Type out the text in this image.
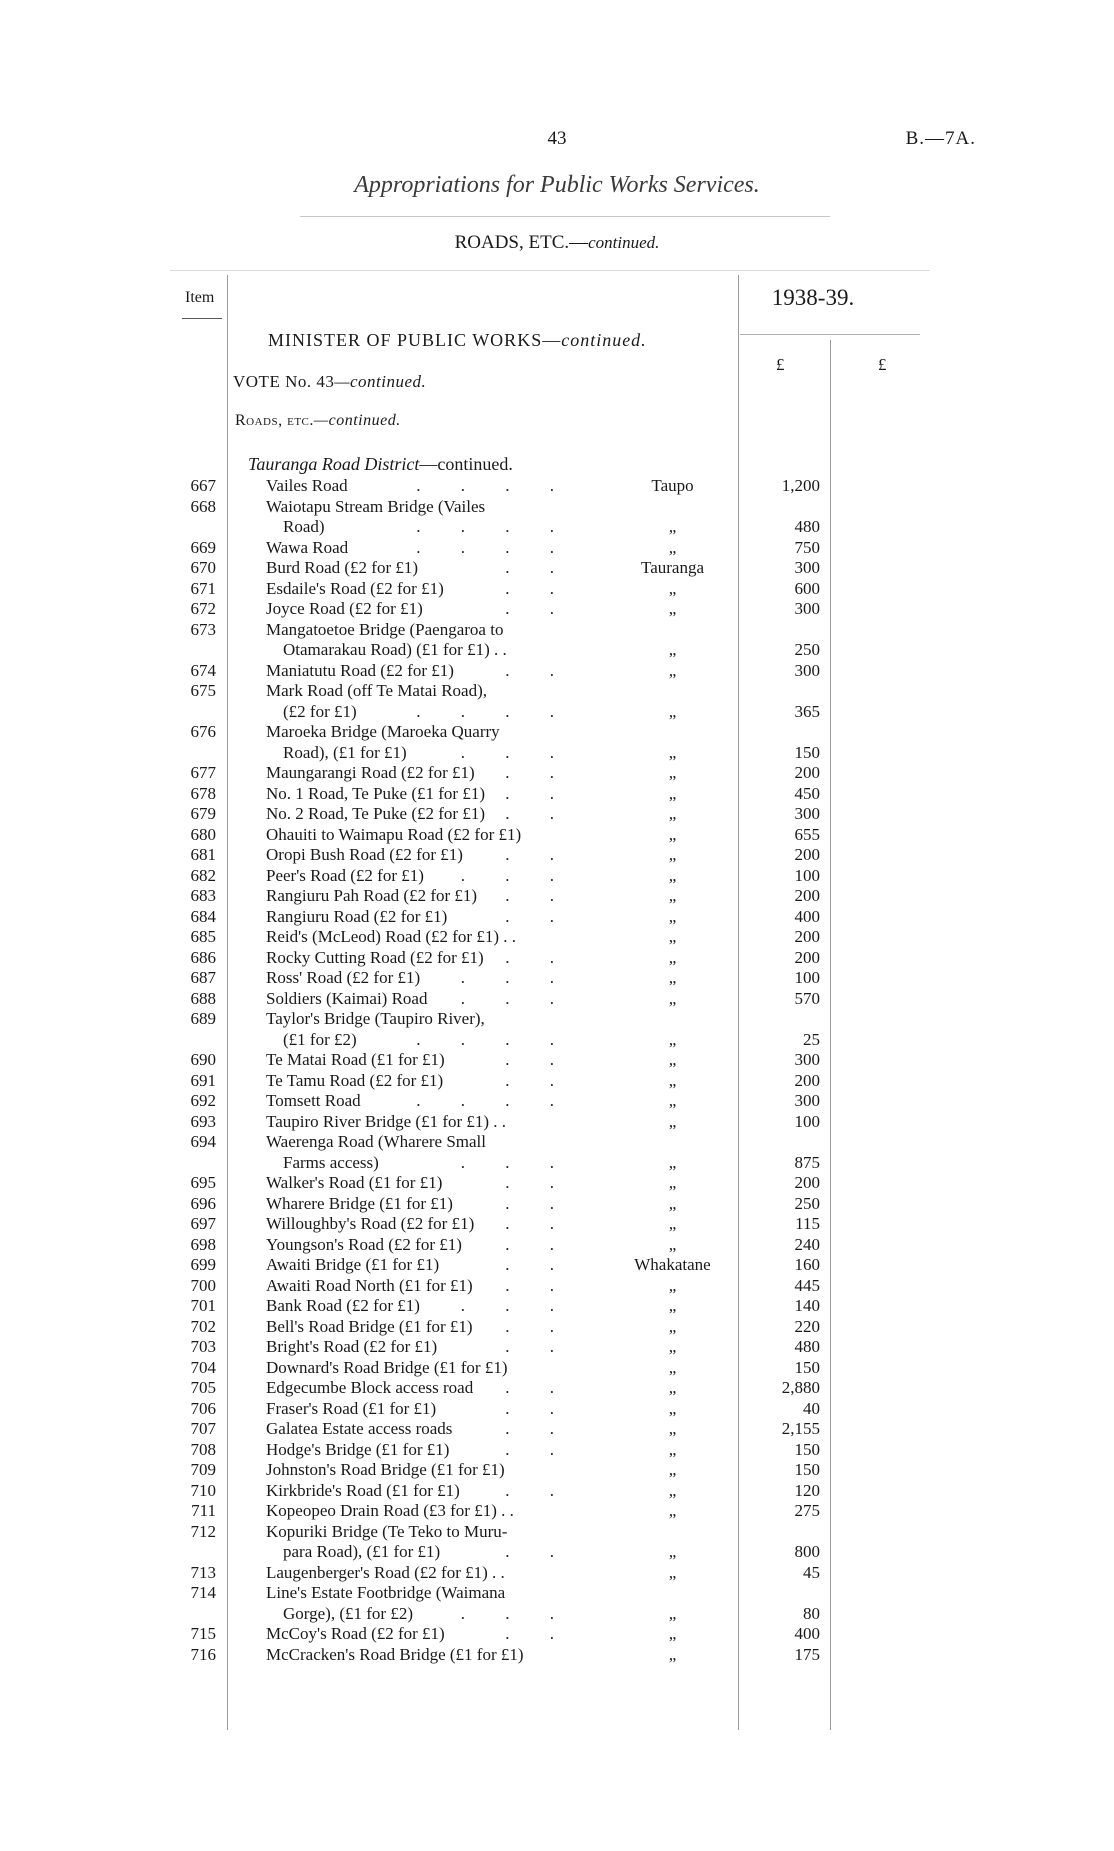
43	B.—7A.
Appropriations for Public Works Services.
ROADS, ETC.—continued.
Item	1938-39.
£	£
MINISTER OF PUBLIC WORKS—continued.
VOTE No. 43—continued.
Roads, etc.—continued.
Tauranga Road District—continued.
667	Vailes Road	. . . .	Taupo	1,200
668	Waiotapu Stream Bridge (Vailes
Road)	. . . .	„	480
669	Wawa Road	. . . .	„	750
670	Burd Road (£2 for £1)	. .	Tauranga	300
671	Esdaile's Road (£2 for £1)	. .	„	600
672	Joyce Road (£2 for £1)	. .	„	300
673	Mangatoetoe Bridge (Paengaroa to
Otamarakau Road) (£1 for £1) . .	„	250
674	Maniatutu Road (£2 for £1)	. .	„	300
675	Mark Road (off Te Matai Road),
(£2 for £1)	. . . .	„	365
676	Maroeka Bridge (Maroeka Quarry
Road), (£1 for £1)	. . .	„	150
677	Maungarangi Road (£2 for £1)	. .	„	200
678	No. 1 Road, Te Puke (£1 for £1)	. .	„	450
679	No. 2 Road, Te Puke (£2 for £1)	. .	„	300
680	Ohauiti to Waimapu Road (£2 for £1)	„	655
681	Oropi Bush Road (£2 for £1)	. .	„	200
682	Peer's Road (£2 for £1)	. . .	„	100
683	Rangiuru Pah Road (£2 for £1)	. .	„	200
684	Rangiuru Road (£2 for £1)	. .	„	400
685	Reid's (McLeod) Road (£2 for £1) . .	„	200
686	Rocky Cutting Road (£2 for £1)	. .	„	200
687	Ross' Road (£2 for £1)	. . .	„	100
688	Soldiers (Kaimai) Road	. . .	„	570
689	Taylor's Bridge (Taupiro River),
(£1 for £2)	. . . .	„	25
690	Te Matai Road (£1 for £1)	. .	„	300
691	Te Tamu Road (£2 for £1)	. .	„	200
692	Tomsett Road	. . . .	„	300
693	Taupiro River Bridge (£1 for £1) . .	„	100
694	Waerenga Road (Wharere Small
Farms access)	. . .	„	875
695	Walker's Road (£1 for £1)	. .	„	200
696	Wharere Bridge (£1 for £1)	. .	„	250
697	Willoughby's Road (£2 for £1)	. .	„	115
698	Youngson's Road (£2 for £1)	. .	„	240
699	Awaiti Bridge (£1 for £1)	. .	Whakatane	160
700	Awaiti Road North (£1 for £1)	. .	„	445
701	Bank Road (£2 for £1)	. . .	„	140
702	Bell's Road Bridge (£1 for £1)	. .	„	220
703	Bright's Road (£2 for £1)	. .	„	480
704	Downard's Road Bridge (£1 for £1)	„	150
705	Edgecumbe Block access road	. .	„	2,880
706	Fraser's Road (£1 for £1)	. .	„	40
707	Galatea Estate access roads	. .	„	2,155
708	Hodge's Bridge (£1 for £1)	. .	„	150
709	Johnston's Road Bridge (£1 for £1)	„	150
710	Kirkbride's Road (£1 for £1)	. .	„	120
711	Kopeopeo Drain Road (£3 for £1) . .	„	275
712	Kopuriki Bridge (Te Teko to Muru-
para Road), (£1 for £1)	. .	„	800
713	Laugenberger's Road (£2 for £1) . .	„	45
714	Line's Estate Footbridge (Waimana
Gorge), (£1 for £2)	. . .	„	80
715	McCoy's Road (£2 for £1)	. .	„	400
716	McCracken's Road Bridge (£1 for £1)	„	175
